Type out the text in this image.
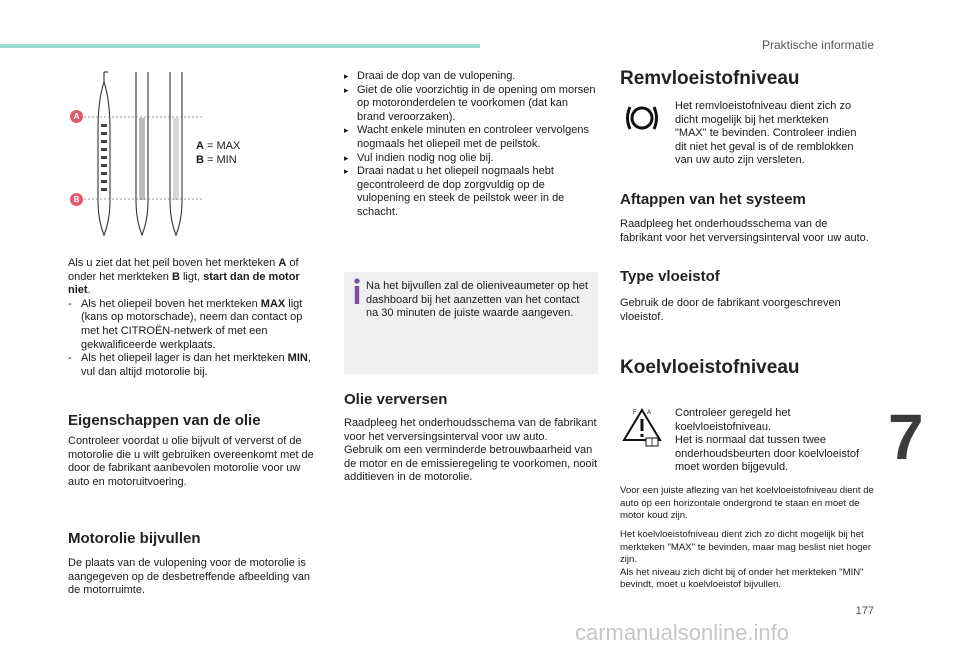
Praktische informatie
A
B
A = MAX
B = MIN
Als u ziet dat het peil boven het merkteken A of onder het merkteken B ligt, start dan de motor niet.
- Als het oliepeil boven het merkteken MAX ligt (kans op motorschade), neem dan contact op met het CITROËN-netwerk of met een gekwalificeerde werkplaats.
- Als het oliepeil lager is dan het merkteken MIN, vul dan altijd motorolie bij.
Eigenschappen van de olie
Controleer voordat u olie bijvult of ververst of de motorolie die u wilt gebruiken overeenkomt met de door de fabrikant aanbevolen motorolie voor uw auto en motoruitvoering.
Motorolie bijvullen
De plaats van de vulopening voor de motorolie is aangegeven op de desbetreffende afbeelding van de motorruimte.
▸ Draai de dop van de vulopening.
▸ Giet de olie voorzichtig in de opening om morsen op motoronderdelen te voorkomen (dat kan brand veroorzaken).
▸ Wacht enkele minuten en controleer vervolgens nogmaals het oliepeil met de peilstok.
▸ Vul indien nodig nog olie bij.
▸ Draai nadat u het oliepeil nogmaals hebt gecontroleerd de dop zorgvuldig op de vulopening en steek de peilstok weer in de schacht.
Na het bijvullen zal de olieniveaumeter op het dashboard bij het aanzetten van het contact na 30 minuten de juiste waarde aangeven.
Olie verversen
Raadpleeg het onderhoudsschema van de fabrikant voor het verversingsinterval voor uw auto.
Gebruik om een verminderde betrouwbaarheid van de motor en de emissieregeling te voorkomen, nooit additieven in de motorolie.
Remvloeistofniveau
Het remvloeistofniveau dient zich zo dicht mogelijk bij het merkteken "MAX" te bevinden. Controleer indien dit niet het geval is of de remblokken van uw auto zijn versleten.
Aftappen van het systeem
Raadpleeg het onderhoudsschema van de fabrikant voor het verversingsinterval voor uw auto.
Type vloeistof
Gebruik de door de fabrikant voorgeschreven vloeistof.
Koelvloeistofniveau
F A Controleer geregeld het koelvloeistofniveau.
Het is normaal dat tussen twee onderhoudsbeurten door koelvloeistof moet worden bijgevuld.
Voor een juiste aflezing van het koelvloeistofniveau dient de auto op een horizontale ondergrond te staan en moet de motor koud zijn.
Het koelvloeistofniveau dient zich zo dicht mogelijk bij het merkteken "MAX" te bevinden, maar mag beslist niet hoger zijn.
Als het niveau zich dicht bij of onder het merkteken "MIN" bevindt, moet u koelvloeistof bijvullen.
7
177
carmanualsonline.info
